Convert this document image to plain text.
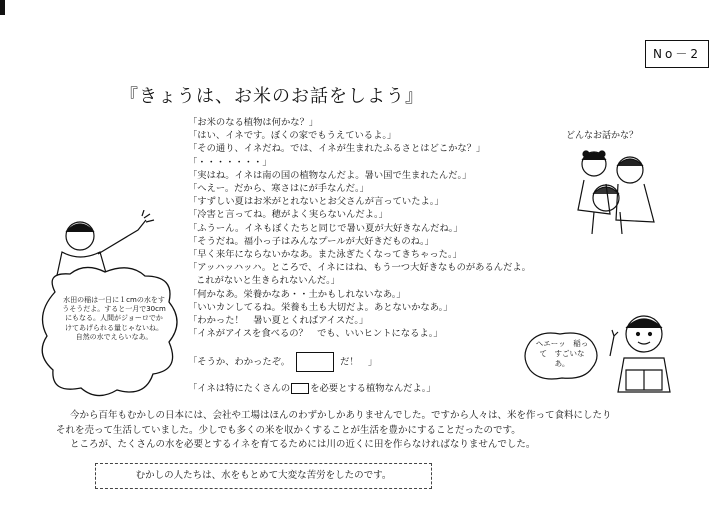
No－2
『きょうは、お米のお話をしよう』
「お米のなる植物は何かな？」
「はい、イネです。ぼくの家でもうえているよ。」
「その通り、イネだね。では、イネが生まれたふるさとはどこかな？」
「・・・・・・・」
「実はね。イネは南の国の植物なんだよ。暑い国で生まれたんだ。」
「へえー。だから、寒さはにが手なんだ。」
「すずしい夏はお米がとれないとお父さんが言っていたよ。」
「冷害と言ってね。穂がよく実らないんだよ。」
「ふうーん。イネもぼくたちと同じで暑い夏が大好きなんだね。」
「そうだね。福小っ子はみんなプールが大好きだものね。」
「早く来年にならないかなあ。また泳ぎたくなってきちゃった。」
「アッハッハッハ。ところで、イネにはね、もう一つ大好きなものがあるんだよ。
これがないと生きられないんだ。」
「何かなあ。栄養かなあ・・土かもしれないなあ。」
「いいカンしてるね。栄養も土も大切だよ。あとないかなあ。」
「わかった！　暑い夏とくればアイスだ。」
「イネがアイスを食べるの？　でも、いいヒントになるよ。」
「そうか、わかったぞ。	だ！　」
「イネは特にたくさんの を必要とする植物なんだよ。」
どんなお話かな？
水田の稲は一日に１cmの水をすうそうだよ。すると一月で30cmにもなる。人間がジョーロでかけてあげられる量じゃないね。自然の水でえらいなあ。
へエーッ　稲って　すごいなあ。
今から百年もむかしの日本には、会社や工場はほんのわずかしかありませんでした。ですから人々は、米を作って食料にしたり
それを売って生活していました。少しでも多くの米を収かくすることが生活を豊かにすることだったのです。
ところが、たくさんの水を必要とするイネを育てるためには川の近くに田を作らなければなりませんでした。
むかしの人たちは、水をもとめて大変な苦労をしたのです。
